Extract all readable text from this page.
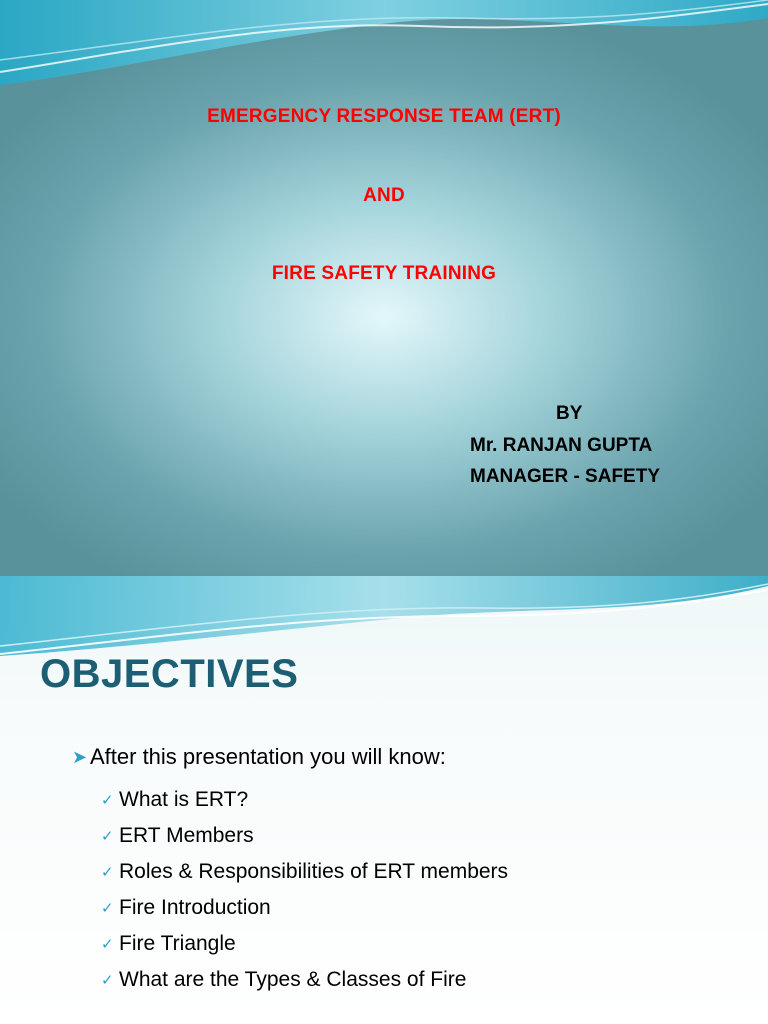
EMERGENCY RESPONSE TEAM (ERT)
AND
FIRE SAFETY TRAINING
BY
Mr. RANJAN GUPTA
MANAGER - SAFETY
OBJECTIVES
➤ After this presentation you will know:
✓ What is ERT?
✓ ERT Members
✓ Roles & Responsibilities of ERT members
✓ Fire Introduction
✓ Fire Triangle
✓ What are the Types & Classes of Fire
